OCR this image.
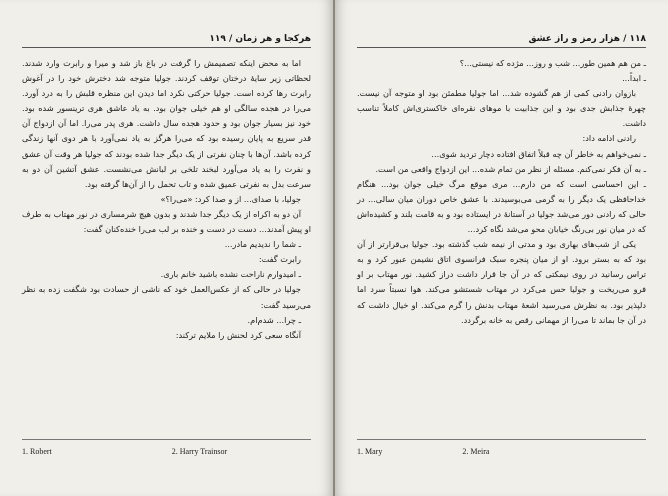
هرکجا و هر زمان / ۱۱۹

اما به محض اینکه تصمیمش را گرفت در باغ باز شد و میرا و رابرت وارد شدند. لحظاتی زیر سایهٔ درختان توقف کردند. جولیا متوجه شد دخترش خود را در آغوش رابرت رها کرده است. جولیا حرکتی نکرد اما دیدن این منظره قلبش را به درد آورد. می‌را در هجده سالگی او هم خیلی جوان بود. به یاد عاشق هری ترینسور شده بود. خود نیز بسیار جوان بود و حدود هجده سال داشت. هری پدر می‌را. اما آن ازدواج آن قدر سریع به پایان رسیده بود که می‌را هرگز به یاد نمی‌آورد با هر دوی آنها زندگی کرده باشد. آن‌ها با چنان نفرتی از یک دیگر جدا شده بودند که جولیا هر وقت آن عشق و نفرت را به یاد می‌آورد لبخند تلخی بر لبانش می‌نشست. عشق آتشین آن دو به سرعت بدل به نفرتی عمیق شده و تاب تحمل را از آن‌ها گرفته بود.

جولیا، با صدای... از و صدا کرد: «می‌را؟»

آن دو به اکراه از یک دیگر جدا شدند و بدون هیچ شرمساری در نور مهتاب به طرف او پیش آمدند... دست در دست و خنده بر لب می‌را خنده‌کنان گفت:

ـ شما را ندیدیم مادر...

رابرت گفت:

ـ امیدوارم ناراحت نشده باشید خانم باری.

جولیا در حالی که از عکس‌العمل خود که ناشی از حسادت بود شگفت زده به نظر می‌رسید گفت:

ـ چرا... شدم‌ام.

آنگاه سعی کرد لحنش را ملایم ترکند:

1. Robert	2. Harry Trainsor
۱۱۸ / هزار رمز و راز عشق

ـ من هم همین طور... شب و روز... مژده که نیستی...؟

ـ ابداً...

بازوان رادنی کمی از هم گشوده شد... اما جولیا مطمئن بود او متوجه آن نیست. چهرهٔ جذابش جدی بود و این جذابیت با موهای نقره‌ای خاکستری‌اش کاملاً تناسب داشت.

رادنی ادامه داد:

ـ نمی‌خواهم به خاطر آن چه قبلاً اتفاق افتاده دچار تردید شوی...

ـ به آن فکر نمی‌کنم. مسئله از نظر من تمام شده... این ازدواج واقعی من است.

ـ این احساسی است که من دارم... مری موقع مرگ خیلی جوان بود... هنگام خداحافظی یک دیگر را به گرمی می‌بوسیدند. با عشق خاص دوران میان سالی... در حالی که رادنی دور می‌شد جولیا در آستانهٔ در ایستاده بود و به قامت بلند و کشیده‌اش که در میان نور بی‌رنگ خیابان محو می‌شد نگاه کرد...

یکی از شب‌های بهاری بود و مدتی از نیمه شب گذشته بود. جولیا بی‌قرارتر از آن بود که به بستر برود. او از میان پنجره سبک فرانسوی اتاق نشیمن عبور کرد و به تراس رسانید در روی نیمکتی که در آن جا قرار داشت دراز کشید. نور مهتاب بر او فرو می‌ریخت و جولیا حس می‌کرد در مهتاب شستشو می‌کند. هوا نسبتاً سرد اما دلپذیر بود. به نظرش می‌رسید اشعهٔ مهتاب بدنش را گرم می‌کند. او خیال داشت که در آن جا بماند تا می‌را از مهمانی رقص به خانه برگردد.

1. Mary	2. Meira
